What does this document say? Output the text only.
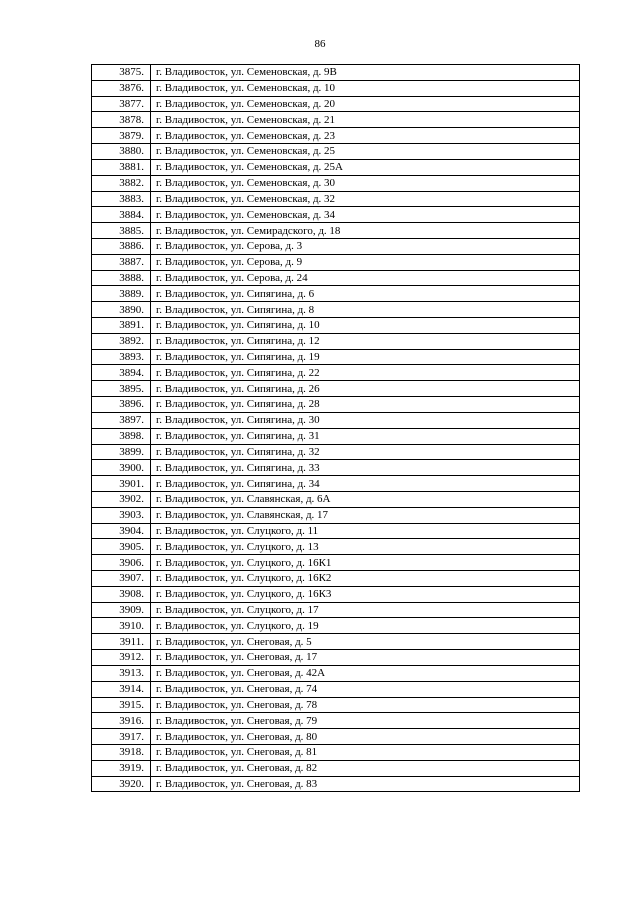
86
3875.	г. Владивосток, ул. Семеновская, д. 9В
3876.	г. Владивосток, ул. Семеновская, д. 10
3877.	г. Владивосток, ул. Семеновская, д. 20
3878.	г. Владивосток, ул. Семеновская, д. 21
3879.	г. Владивосток, ул. Семеновская, д. 23
3880.	г. Владивосток, ул. Семеновская, д. 25
3881.	г. Владивосток, ул. Семеновская, д. 25А
3882.	г. Владивосток, ул. Семеновская, д. 30
3883.	г. Владивосток, ул. Семеновская, д. 32
3884.	г. Владивосток, ул. Семеновская, д. 34
3885.	г. Владивосток, ул. Семирадского, д. 18
3886.	г. Владивосток, ул. Серова, д. 3
3887.	г. Владивосток, ул. Серова, д. 9
3888.	г. Владивосток, ул. Серова, д. 24
3889.	г. Владивосток, ул. Сипягина, д. 6
3890.	г. Владивосток, ул. Сипягина, д. 8
3891.	г. Владивосток, ул. Сипягина, д. 10
3892.	г. Владивосток, ул. Сипягина, д. 12
3893.	г. Владивосток, ул. Сипягина, д. 19
3894.	г. Владивосток, ул. Сипягина, д. 22
3895.	г. Владивосток, ул. Сипягина, д. 26
3896.	г. Владивосток, ул. Сипягина, д. 28
3897.	г. Владивосток, ул. Сипягина, д. 30
3898.	г. Владивосток, ул. Сипягина, д. 31
3899.	г. Владивосток, ул. Сипягина, д. 32
3900.	г. Владивосток, ул. Сипягина, д. 33
3901.	г. Владивосток, ул. Сипягина, д. 34
3902.	г. Владивосток, ул. Славянская, д. 6А
3903.	г. Владивосток, ул. Славянская, д. 17
3904.	г. Владивосток, ул. Слуцкого, д. 11
3905.	г. Владивосток, ул. Слуцкого, д. 13
3906.	г. Владивосток, ул. Слуцкого, д. 16К1
3907.	г. Владивосток, ул. Слуцкого, д. 16К2
3908.	г. Владивосток, ул. Слуцкого, д. 16К3
3909.	г. Владивосток, ул. Слуцкого, д. 17
3910.	г. Владивосток, ул. Слуцкого, д. 19
3911.	г. Владивосток, ул. Снеговая, д. 5
3912.	г. Владивосток, ул. Снеговая, д. 17
3913.	г. Владивосток, ул. Снеговая, д. 42А
3914.	г. Владивосток, ул. Снеговая, д. 74
3915.	г. Владивосток, ул. Снеговая, д. 78
3916.	г. Владивосток, ул. Снеговая, д. 79
3917.	г. Владивосток, ул. Снеговая, д. 80
3918.	г. Владивосток, ул. Снеговая, д. 81
3919.	г. Владивосток, ул. Снеговая, д. 82
3920.	г. Владивосток, ул. Снеговая, д. 83
